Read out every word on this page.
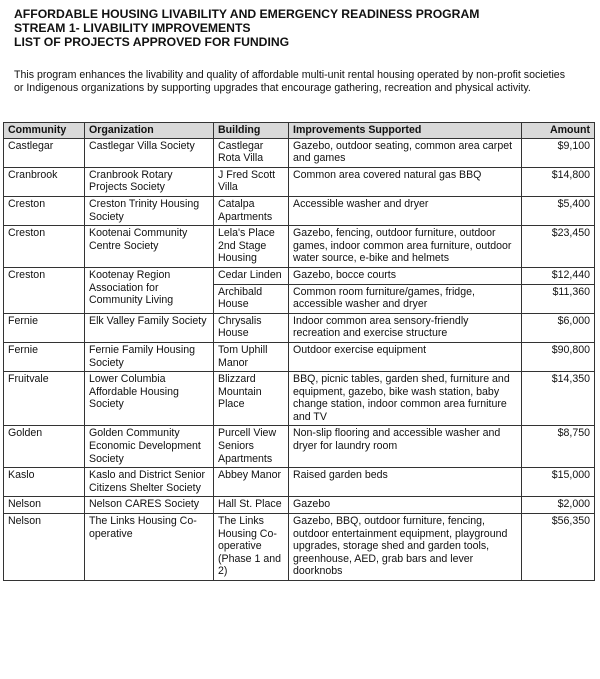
AFFORDABLE HOUSING LIVABILITY AND EMERGENCY READINESS PROGRAM
STREAM 1- LIVABILITY IMPROVEMENTS
LIST OF PROJECTS APPROVED FOR FUNDING
This program enhances the livability and quality of affordable multi-unit rental housing operated by non-profit societies or Indigenous organizations by supporting upgrades that encourage gathering, recreation and physical activity.
Community	Organization	Building	Improvements Supported	Amount
Castlegar	Castlegar Villa Society	Castlegar Rota Villa	Gazebo, outdoor seating, common area carpet and games	$9,100
Cranbrook	Cranbrook Rotary Projects Society	J Fred Scott Villa	Common area covered natural gas BBQ	$14,800
Creston	Creston Trinity Housing Society	Catalpa Apartments	Accessible washer and dryer	$5,400
Creston	Kootenai Community Centre Society	Lela's Place 2nd Stage Housing	Gazebo, fencing, outdoor furniture, outdoor games, indoor common area furniture, outdoor water source, e-bike and helmets	$23,450
Creston	Kootenay Region Association for Community Living	Cedar Linden	Gazebo, bocce courts	$12,440
		Archibald House	Common room furniture/games, fridge, accessible washer and dryer	$11,360
Fernie	Elk Valley Family Society	Chrysalis House	Indoor common area sensory-friendly recreation and exercise structure	$6,000
Fernie	Fernie Family Housing Society	Tom Uphill Manor	Outdoor exercise equipment	$90,800
Fruitvale	Lower Columbia Affordable Housing Society	Blizzard Mountain Place	BBQ, picnic tables, garden shed, furniture and equipment, gazebo, bike wash station, baby change station, indoor common area furniture and TV	$14,350
Golden	Golden Community Economic Development Society	Purcell View Seniors Apartments	Non-slip flooring and accessible washer and dryer for laundry room	$8,750
Kaslo	Kaslo and District Senior Citizens Shelter Society	Abbey Manor	Raised garden beds	$15,000
Nelson	Nelson CARES Society	Hall St. Place	Gazebo	$2,000
Nelson	The Links Housing Co-operative	The Links Housing Co-operative (Phase 1 and 2)	Gazebo, BBQ, outdoor furniture, fencing, outdoor entertainment equipment, playground upgrades, storage shed and garden tools, greenhouse, AED, grab bars and lever doorknobs	$56,350
